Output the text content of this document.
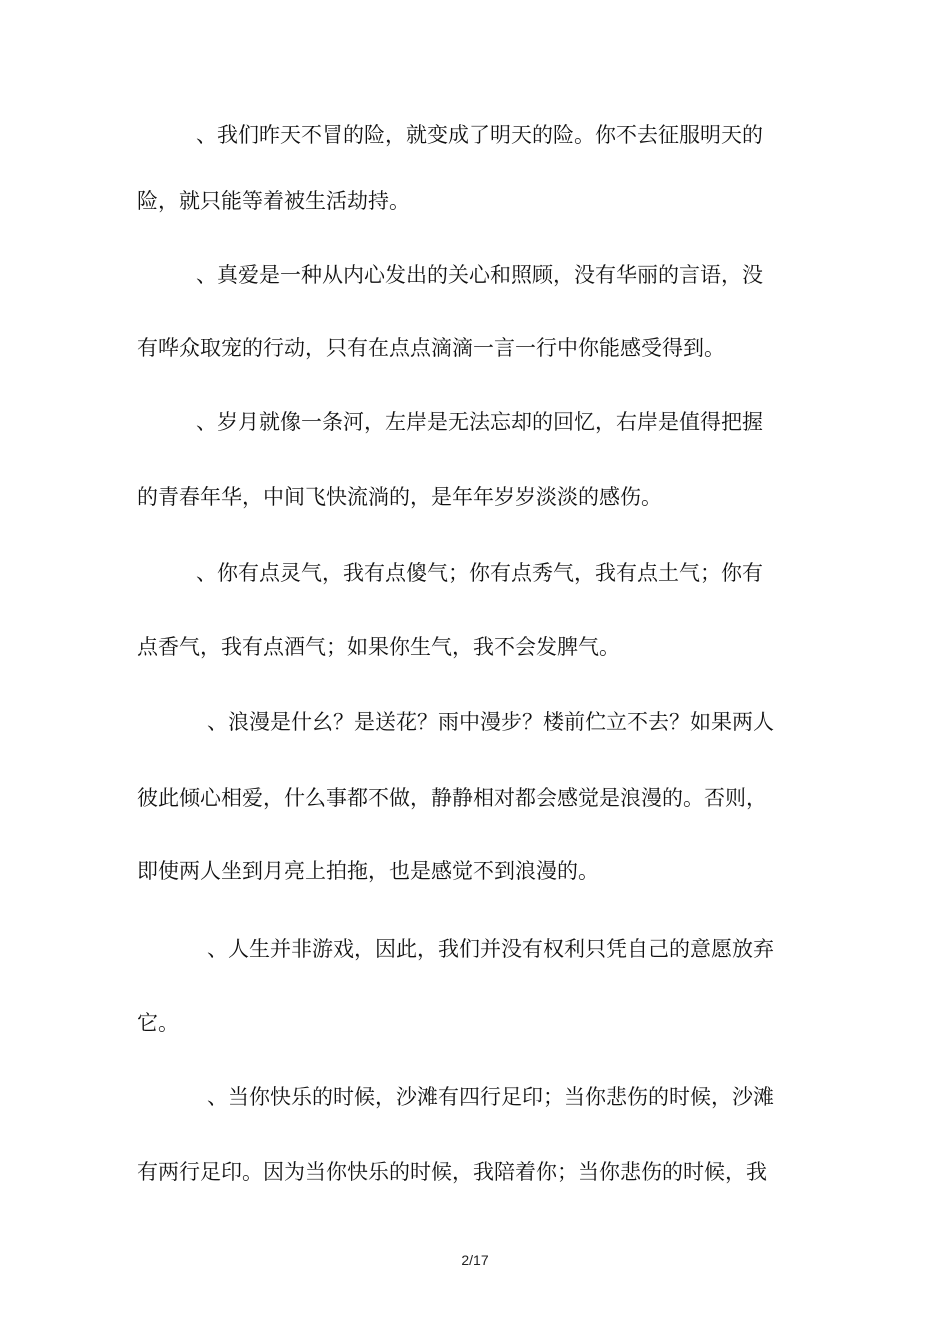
、我们昨天不冒的险，就变成了明天的险。你不去征服明天的
险，就只能等着被生活劫持。
、真爱是一种从内心发出的关心和照顾，没有华丽的言语，没
有哗众取宠的行动，只有在点点滴滴一言一行中你能感受得到。
、岁月就像一条河，左岸是无法忘却的回忆，右岸是值得把握
的青春年华，中间飞快流淌的，是年年岁岁淡淡的感伤。
、你有点灵气，我有点傻气；你有点秀气，我有点土气；你有
点香气，我有点酒气；如果你生气，我不会发脾气。
、浪漫是什幺？是送花？雨中漫步？楼前伫立不去？如果两人
彼此倾心相爱，什么事都不做，静静相对都会感觉是浪漫的。否则，
即使两人坐到月亮上拍拖，也是感觉不到浪漫的。
、人生并非游戏，因此，我们并没有权利只凭自己的意愿放弃
它。
、当你快乐的时候，沙滩有四行足印；当你悲伤的时候，沙滩
有两行足印。因为当你快乐的时候，我陪着你；当你悲伤的时候，我
2/17
